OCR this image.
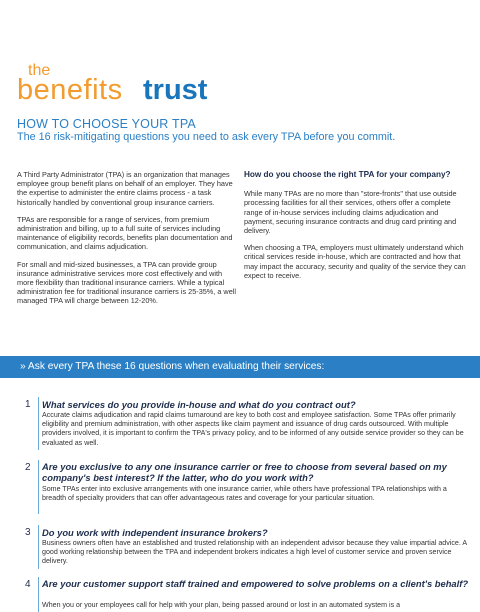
the
benefits trust
HOW TO CHOOSE YOUR TPA
The 16 risk-mitigating questions you need to ask every TPA before you commit.

A Third Party Administrator (TPA) is an organization that manages employee group benefit plans on behalf of an employer. They have the expertise to administer the entire claims process - a task historically handled by conventional group insurance carriers.

TPAs are responsible for a range of services, from premium administration and billing, up to a full suite of services including maintenance of eligibility records, benefits plan documentation and communication, and claims adjudication.

For small and mid-sized businesses, a TPA can provide group insurance administrative services more cost effectively and with more flexibility than traditional insurance carriers. While a typical administration fee for traditional insurance carriers is 25-35%, a well managed TPA will charge between 12-20%.

How do you choose the right TPA for your company?

While many TPAs are no more than "store-fronts" that use outside processing facilities for all their services, others offer a complete range of in-house services including claims adjudication and payment, securing insurance contracts and drug card printing and delivery.

When choosing a TPA, employers must ultimately understand which critical services reside in-house, which are contracted and how that may impact the accuracy, security and quality of the service they can expect to receive.

» Ask every TPA these 16 questions when evaluating their services:
1 What services do you provide in-house and what do you contract out?
Accurate claims adjudication and rapid claims turnaround are key to both cost and employee satisfaction. Some TPAs offer primarily eligibility and premium administration, with other aspects like claim payment and issuance of drug cards outsourced. With multiple providers involved, it is important to confirm the TPA's privacy policy, and to be informed of any outside service provider so they can be evaluated as well.
2 Are you exclusive to any one insurance carrier or free to choose from several based on my company's best interest? If the latter, who do you work with?
Some TPAs enter into exclusive arrangements with one insurance carrier, while others have professional TPA relationships with a breadth of specialty providers that can offer advantageous rates and coverage for your particular situation.
3 Do you work with independent insurance brokers?
Business owners often have an established and trusted relationship with an independent advisor because they value impartial advice. A good working relationship between the TPA and independent brokers indicates a high level of customer service and proven service delivery.
4 Are your customer support staff trained and empowered to solve problems on a client's behalf?
When you or your employees call for help with your plan, being passed around or lost in an automated system is a
